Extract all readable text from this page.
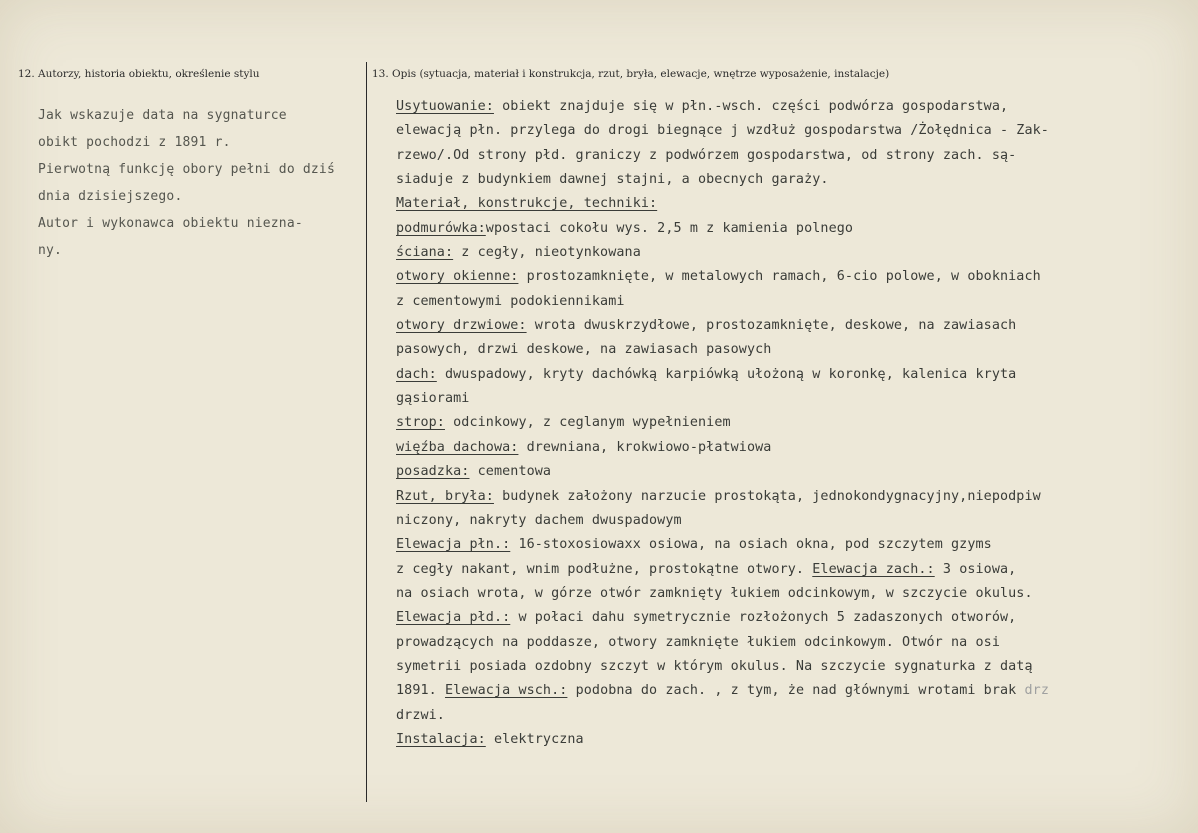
12. Autorzy, historia obiektu, określenie stylu	13. Opis (sytuacja, materiał i konstrukcja, rzut, bryła, elewacje, wnętrze wyposażenie, instalacje)
Jak wskazuje data na sygnaturce
obikt pochodzi z 1891 r.
Pierwotną funkcję obory pełni do dziś
dnia dzisiejszego.
Autor i wykonawca obiektu niezna-
ny.
Usytuowanie: obiekt znajduje się w płn.-wsch. części podwórza gospodarstwa,
elewacją płn. przylega do drogi biegnące j wzdłuż gospodarstwa /Żołędnica - Zak-
rzewo/.Od strony płd. graniczy z podwórzem gospodarstwa, od strony zach. są-
siaduje z budynkiem dawnej stajni, a obecnych garaży.
Materiał, konstrukcje, techniki:
podmurówka:wpostaci cokołu wys. 2,5 m z kamienia polnego
ściana: z cegły, nieotynkowana
otwory okienne: prostozamknięte, w metalowych ramach, 6-cio polowe, w obokniach
z cementowymi podokiennikami
otwory drzwiowe: wrota dwuskrzydłowe, prostozamknięte, deskowe, na zawiasach
pasowych, drzwi deskowe, na zawiasach pasowych
dach: dwuspadowy, kryty dachówką karpiówką ułożoną w koronkę, kalenica kryta
gąsiorami
strop: odcinkowy, z ceglanym wypełnieniem
więźba dachowa: drewniana, krokwiowo-płatwiowa
posadzka: cementowa
Rzut, bryła: budynek założony narzucie prostokąta, jednokondygnacyjny,niepodpiw
niczony, nakryty dachem dwuspadowym
Elewacja płn.: 16-stoxosiowaxx osiowa, na osiach okna, pod szczytem gzyms
z cegły nakant, wnim podłużne, prostokątne otwory. Elewacja zach.: 3 osiowa,
na osiach wrota, w górze otwór zamknięty łukiem odcinkowym, w szczycie okulus.
Elewacja płd.: w połaci dahu symetrycznie rozłożonych 5 zadaszonych otworów,
prowadzących na poddasze, otwory zamknięte łukiem odcinkowym. Otwór na osi
symetrii posiada ozdobny szczyt w którym okulus. Na szczycie sygnaturka z datą
1891. Elewacja wsch.: podobna do zach. , z tym, że nad głównymi wrotami brak drz
drzwi.
Instalacja: elektryczna
